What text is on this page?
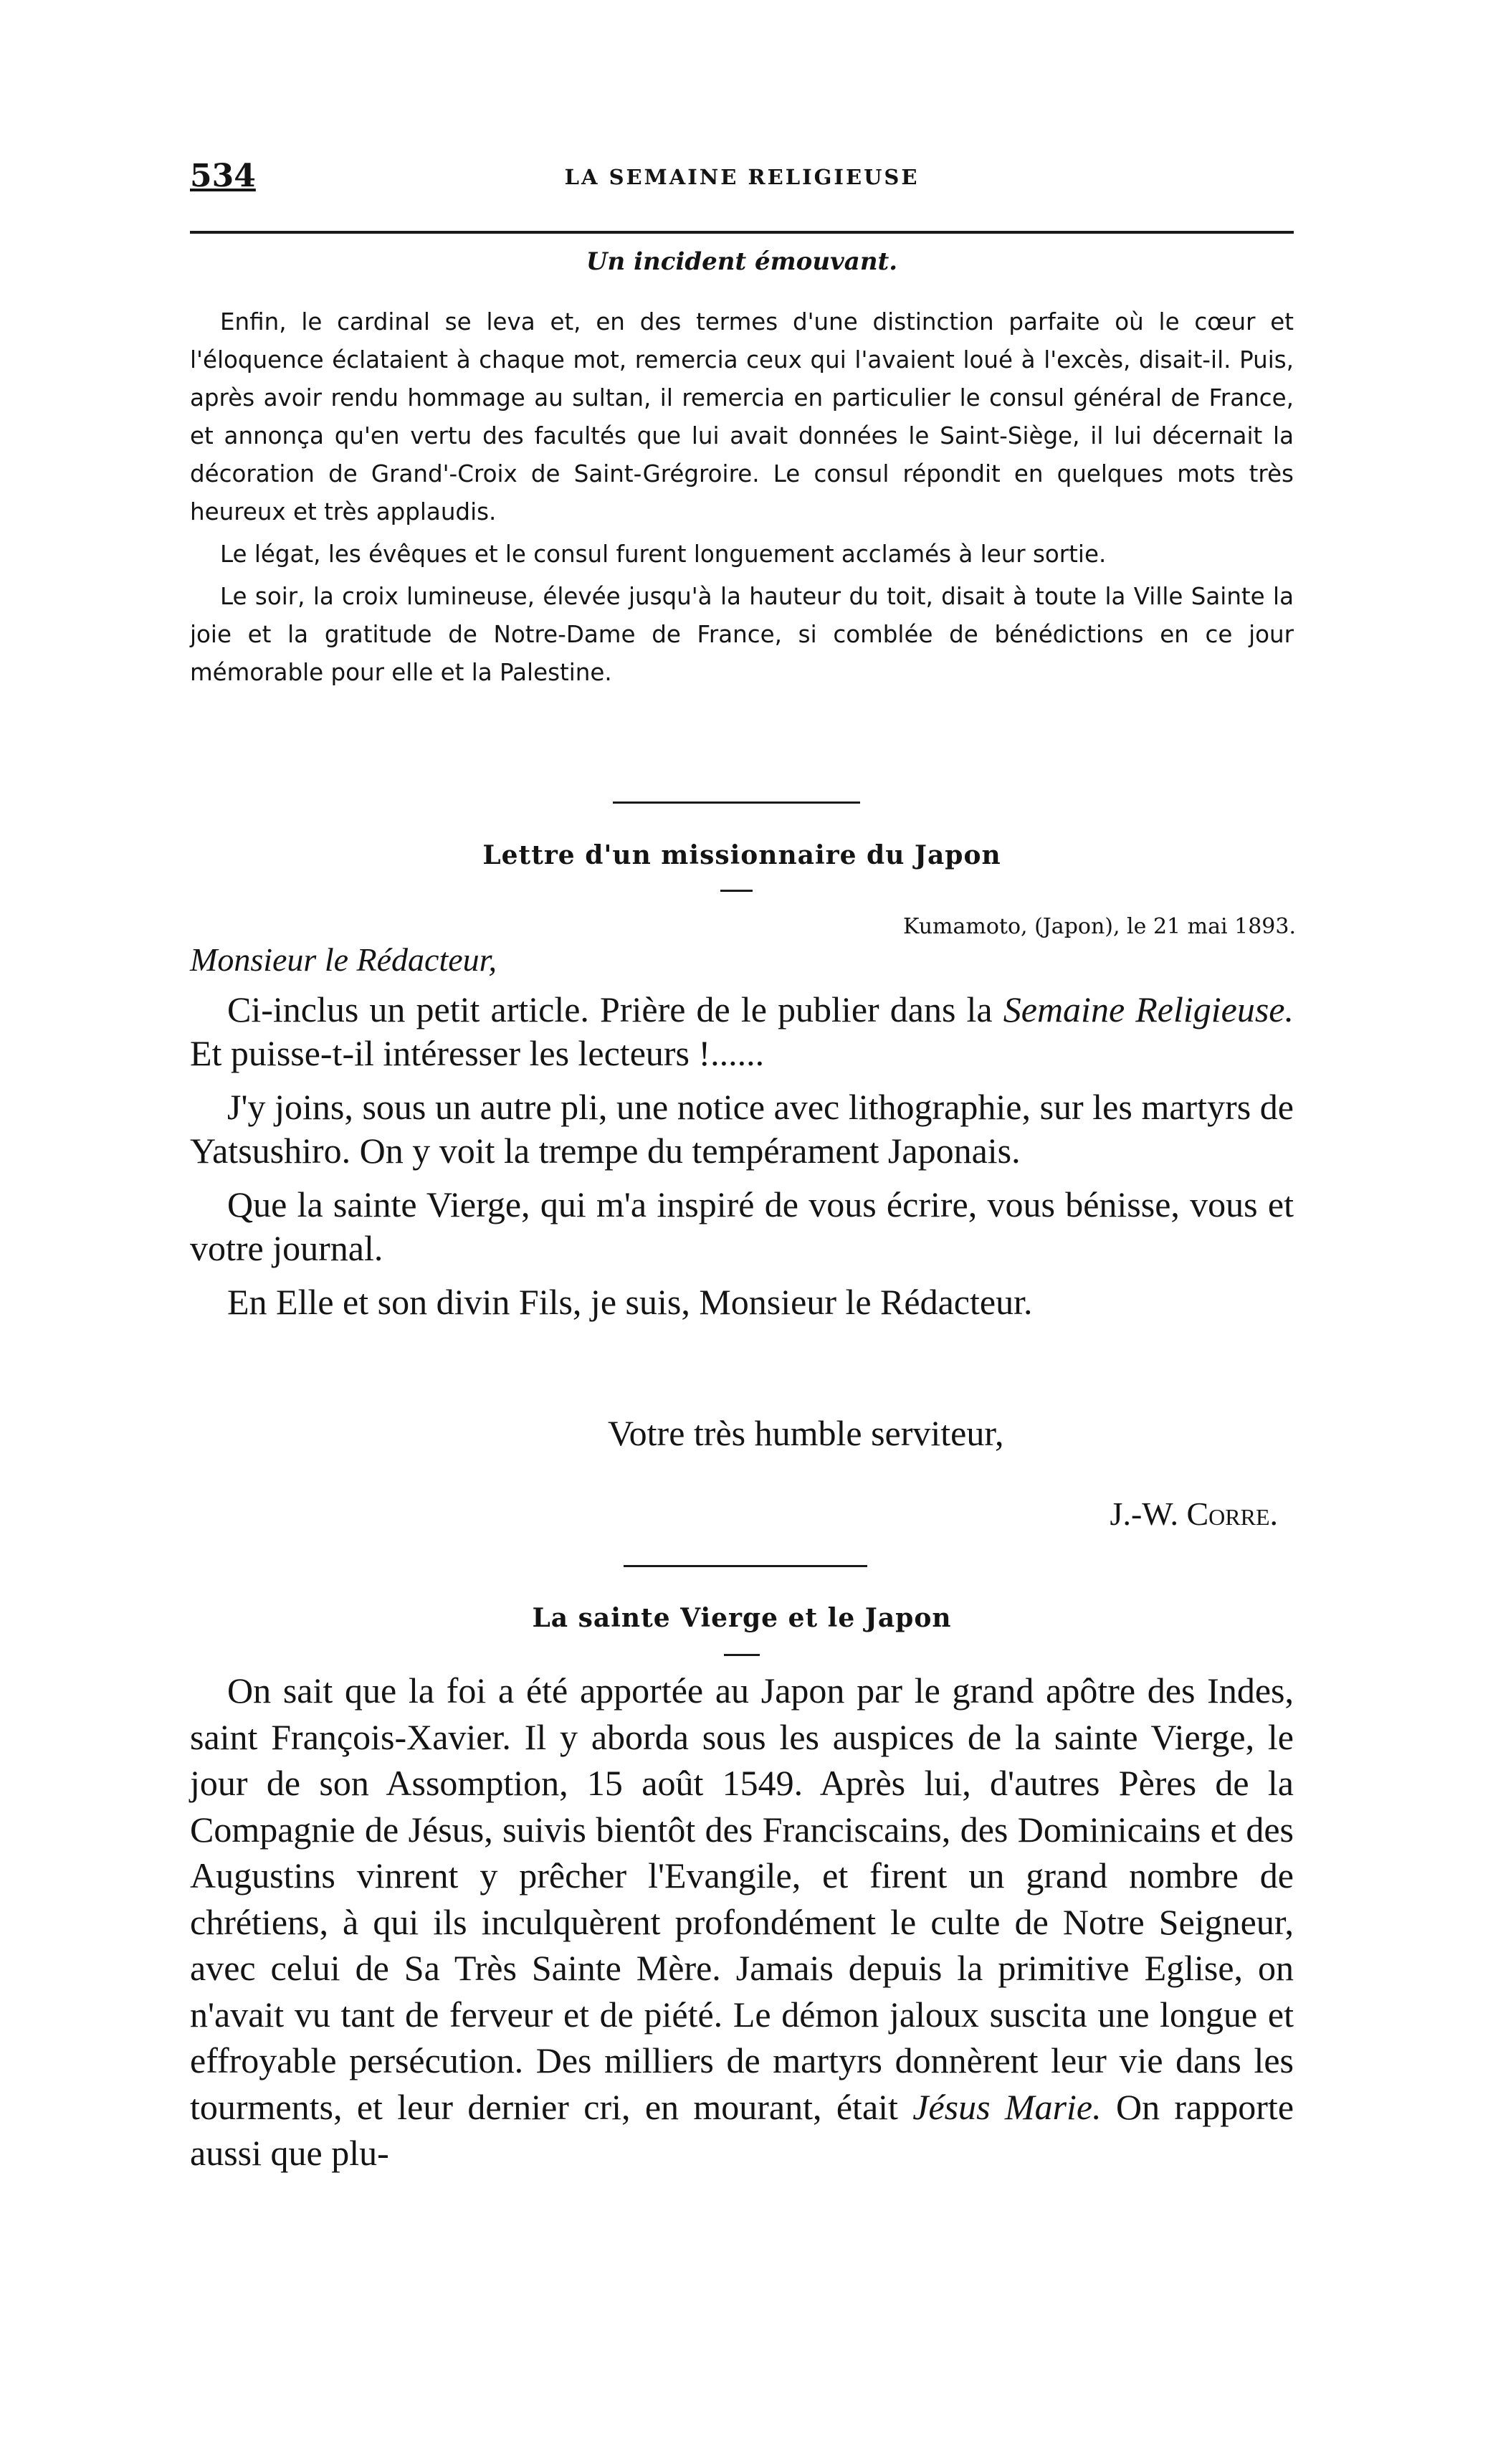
534	LA SEMAINE RELIGIEUSE
Un incident émouvant.

Enfin, le cardinal se leva et, en des termes d'une distinction parfaite où le cœur et l'éloquence éclataient à chaque mot, remercia ceux qui l'avaient loué à l'excès, disait-il. Puis, après avoir rendu hommage au sultan, il remercia en particulier le consul général de France, et annonça qu'en vertu des facultés que lui avait données le Saint-Siège, il lui décernait la décoration de Grand'-Croix de Saint-Grégroire. Le consul répondit en quelques mots très heureux et très applaudis.

Le légat, les évêques et le consul furent longuement acclamés à leur sortie.

Le soir, la croix lumineuse, élevée jusqu'à la hauteur du toit, disait à toute la Ville Sainte la joie et la gratitude de Notre-Dame de France, si comblée de bénédictions en ce jour mémorable pour elle et la Palestine.

Lettre d'un missionnaire du Japon
Kumamoto, (Japon), le 21 mai 1893.
Monsieur le Rédacteur,

Ci-inclus un petit article. Prière de le publier dans la Semaine Religieuse. Et puisse-t-il intéresser les lecteurs !......

J'y joins, sous un autre pli, une notice avec lithographie, sur les martyrs de Yatsushiro. On y voit la trempe du tempérament Japonais.

Que la sainte Vierge, qui m'a inspiré de vous écrire, vous bénisse, vous et votre journal.

En Elle et son divin Fils, je suis, Monsieur le Rédacteur.

Votre très humble serviteur,
J.-W. Corre.
La sainte Vierge et le Japon

On sait que la foi a été apportée au Japon par le grand apôtre des Indes, saint François-Xavier. Il y aborda sous les auspices de la sainte Vierge, le jour de son Assomption, 15 août 1549. Après lui, d'autres Pères de la Compagnie de Jésus, suivis bientôt des Franciscains, des Dominicains et des Augustins vinrent y prêcher l'Evangile, et firent un grand nombre de chrétiens, à qui ils inculquèrent profondément le culte de Notre Seigneur, avec celui de Sa Très Sainte Mère. Jamais depuis la primitive Eglise, on n'avait vu tant de ferveur et de piété. Le démon jaloux suscita une longue et effroyable persécution. Des milliers de martyrs donnèrent leur vie dans les tourments, et leur dernier cri, en mourant, était Jésus Marie. On rapporte aussi que plu-
